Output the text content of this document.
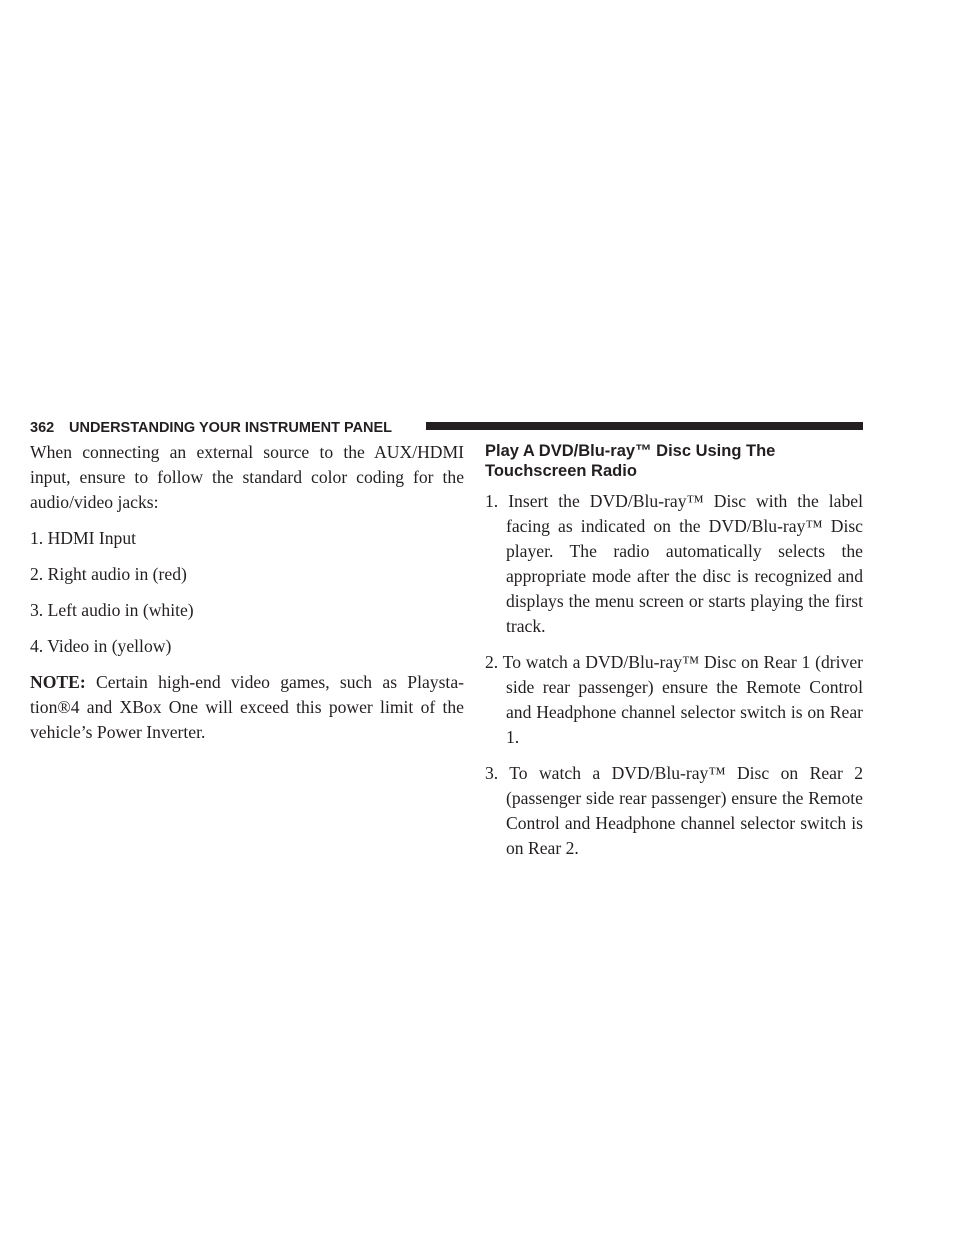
362 UNDERSTANDING YOUR INSTRUMENT PANEL

When connecting an external source to the AUX/HDMI input, ensure to follow the standard color coding for the audio/video jacks:

1. HDMI Input

2. Right audio in (red)

3. Left audio in (white)

4. Video in (yellow)

NOTE: Certain high-end video games, such as Playstation®4 and XBox One will exceed this power limit of the vehicle’s Power Inverter.

Play A DVD/Blu-ray™ Disc Using The Touchscreen Radio

1. Insert the DVD/Blu-ray™ Disc with the label facing as indicated on the DVD/Blu-ray™ Disc player. The radio automatically selects the appropriate mode after the disc is recognized and displays the menu screen or starts playing the first track.

2. To watch a DVD/Blu-ray™ Disc on Rear 1 (driver side rear passenger) ensure the Remote Control and Headphone channel selector switch is on Rear 1.

3. To watch a DVD/Blu-ray™ Disc on Rear 2 (passenger side rear passenger) ensure the Remote Control and Headphone channel selector switch is on Rear 2.
